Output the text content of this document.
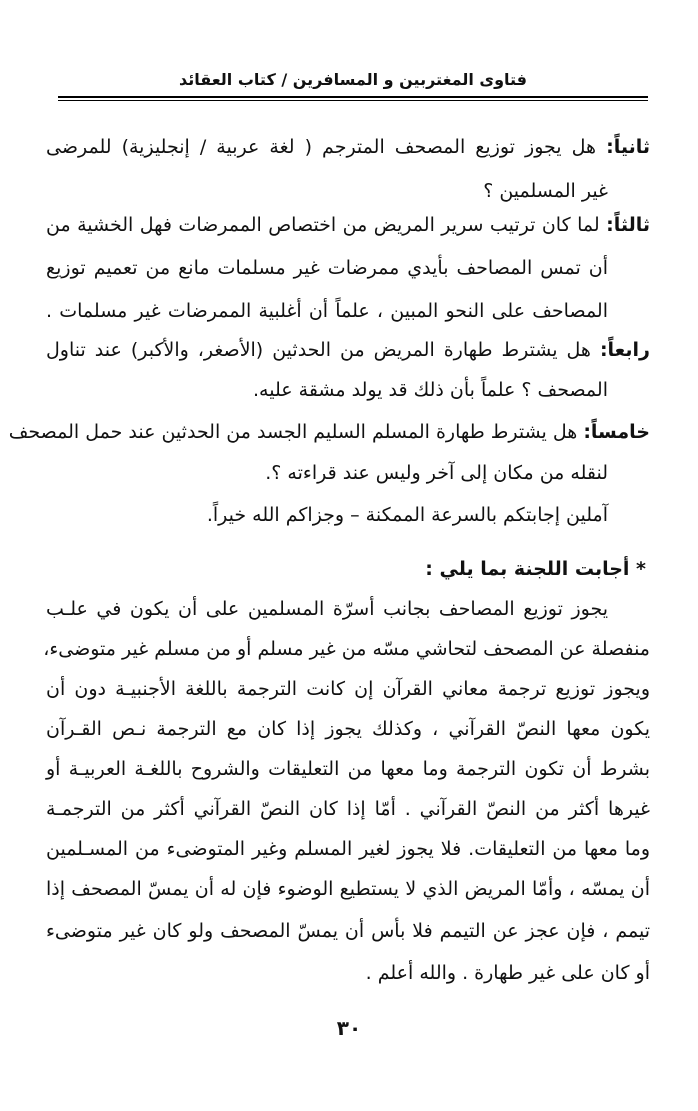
فتاوى المغتربين و المسافرين / كتاب العقائد
ثانياً: هل يجوز توزيع المصحف المترجم ( لغة عربية / إنجليزية) للمرضى
غير المسلمين ؟
ثالثاً: لما كان ترتيب سرير المريض من اختصاص الممرضات فهل الخشية من
أن تمس المصاحف بأيدي ممرضات غير مسلمات مانع من تعميم توزيع
المصاحف على النحو المبين ، علماً أن أغلبية الممرضات غير مسلمات .
رابعاً: هل يشترط طهارة المريض من الحدثين (الأصغر، والأكبر) عند تناول
المصحف ؟ علماً بأن ذلك قد يولد مشقة عليه.
خامساً: هل يشترط طهارة المسلم السليم الجسد من الحدثين عند حمل المصحف
لنقله من مكان إلى آخر وليس عند قراءته ؟.
آملين إجابتكم بالسرعة الممكنة – وجزاكم الله خيراً.
* أجابت اللجنة بما يلي :
يجوز توزيع المصاحف بجانب أسرّة المسلمين على أن يكون في علـب
منفصلة عن المصحف لتحاشي مسّه من غير مسلم أو من مسلم غير متوضىء،
ويجوز توزيع ترجمة معاني القرآن إن كانت الترجمة باللغة الأجنبيـة دون أن
يكون معها النصّ القرآني ، وكذلك يجوز إذا كان مع الترجمة نـص القـرآن
بشرط أن تكون الترجمة وما معها من التعليقات والشروح باللغـة العربيـة أو
غيرها أكثر من النصّ القرآني . أمّا إذا كان النصّ القرآني أكثر من الترجمـة
وما معها من التعليقات. فلا يجوز لغير المسلم وغير المتوضىء من المسـلمين
أن يمسّه ، وأمّا المريض الذي لا يستطيع الوضوء فإن له أن يمسّ المصحف إذا
تيمم ، فإن عجز عن التيمم فلا بأس أن يمسّ المصحف ولو كان غير متوضىء
أو كان على غير طهارة . والله أعلم .
٣٠
